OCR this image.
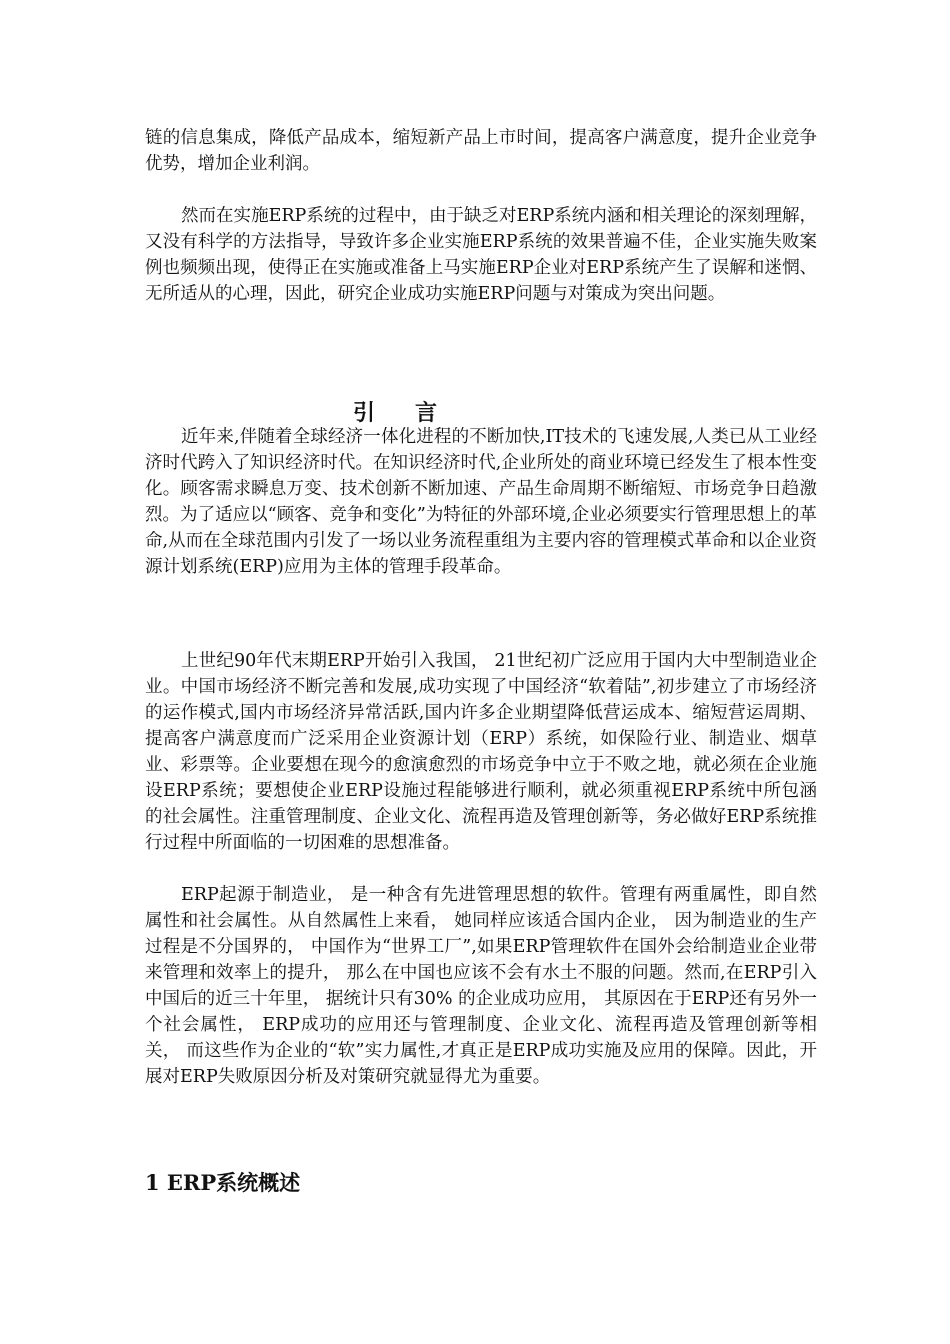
链的信息集成，降低产品成本，缩短新产品上市时间，提高客户满意度，提升企业竞争优势，增加企业利润。

然而在实施ERP系统的过程中，由于缺乏对ERP系统内涵和相关理论的深刻理解，又没有科学的方法指导，导致许多企业实施ERP系统的效果普遍不佳，企业实施失败案例也频频出现，使得正在实施或准备上马实施ERP企业对ERP系统产生了误解和迷惘、无所适从的心理，因此，研究企业成功实施ERP问题与对策成为突出问题。

引言

近年来,伴随着全球经济一体化进程的不断加快,IT技术的飞速发展,人类已从工业经济时代跨入了知识经济时代。在知识经济时代,企业所处的商业环境已经发生了根本性变化。顾客需求瞬息万变、技术创新不断加速、产品生命周期不断缩短、市场竞争日趋激烈。为了适应以“顾客、竞争和变化”为特征的外部环境,企业必须要实行管理思想上的革命,从而在全球范围内引发了一场以业务流程重组为主要内容的管理模式革命和以企业资源计划系统(ERP)应用为主体的管理手段革命。

上世纪90年代末期ERP开始引入我国， 21世纪初广泛应用于国内大中型制造业企业。中国市场经济不断完善和发展,成功实现了中国经济“软着陆”,初步建立了市场经济的运作模式,国内市场经济异常活跃,国内许多企业期望降低营运成本、缩短营运周期、提高客户满意度而广泛采用企业资源计划（ERP）系统，如保险行业、制造业、烟草业、彩票等。企业要想在现今的愈演愈烈的市场竞争中立于不败之地，就必须在企业施设ERP系统；要想使企业ERP设施过程能够进行顺利，就必须重视ERP系统中所包涵的社会属性。注重管理制度、企业文化、流程再造及管理创新等，务必做好ERP系统推行过程中所面临的一切困难的思想准备。

ERP起源于制造业， 是一种含有先进管理思想的软件。管理有两重属性，即自然属性和社会属性。从自然属性上来看， 她同样应该适合国内企业， 因为制造业的生产过程是不分国界的， 中国作为“世界工厂”,如果ERP管理软件在国外会给制造业企业带来管理和效率上的提升， 那么在中国也应该不会有水土不服的问题。然而,在ERP引入中国后的近三十年里， 据统计只有30% 的企业成功应用， 其原因在于ERP还有另外一个社会属性， ERP成功的应用还与管理制度、企业文化、流程再造及管理创新等相关， 而这些作为企业的“软”实力属性,才真正是ERP成功实施及应用的保障。因此，开展对ERP失败原因分析及对策研究就显得尤为重要。

1 ERP系统概述
